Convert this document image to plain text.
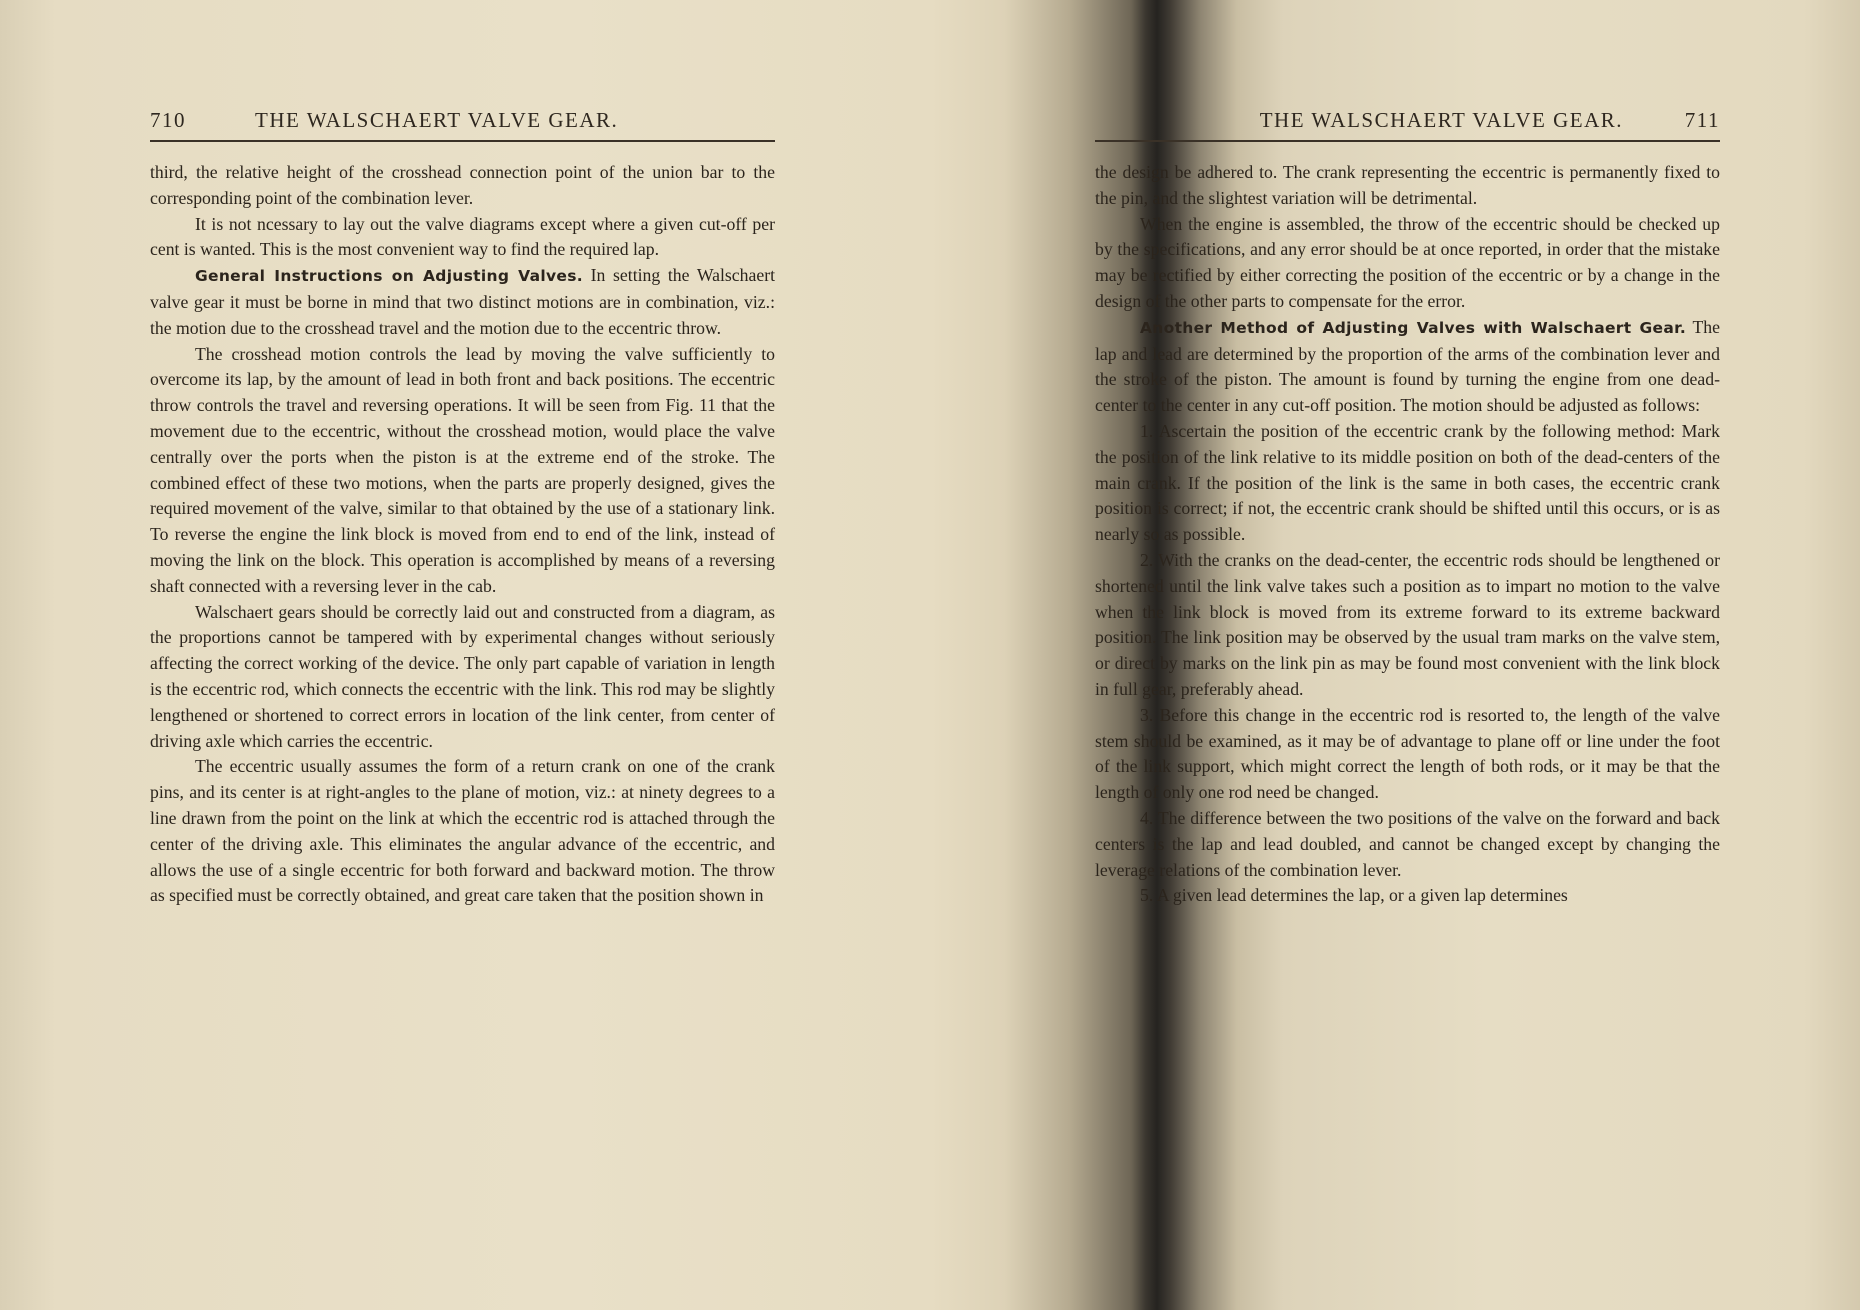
710	THE WALSCHAERT VALVE GEAR.

third, the relative height of the crosshead connection point of the union bar to the corresponding point of the combination lever.

It is not ncessary to lay out the valve diagrams except where a given cut-off per cent is wanted. This is the most convenient way to find the required lap.

General Instructions on Adjusting Valves. In setting the Walschaert valve gear it must be borne in mind that two distinct motions are in combination, viz.: the motion due to the crosshead travel and the motion due to the eccentric throw.

The crosshead motion controls the lead by moving the valve sufficiently to overcome its lap, by the amount of lead in both front and back positions. The eccentric throw controls the travel and reversing operations. It will be seen from Fig. 11 that the movement due to the eccentric, without the crosshead motion, would place the valve centrally over the ports when the piston is at the extreme end of the stroke. The combined effect of these two motions, when the parts are properly designed, gives the required movement of the valve, similar to that obtained by the use of a stationary link. To reverse the engine the link block is moved from end to end of the link, instead of moving the link on the block. This operation is accomplished by means of a reversing shaft connected with a reversing lever in the cab.

Walschaert gears should be correctly laid out and constructed from a diagram, as the proportions cannot be tampered with by experimental changes without seriously affecting the correct working of the device. The only part capable of variation in length is the eccentric rod, which connects the eccentric with the link. This rod may be slightly lengthened or shortened to correct errors in location of the link center, from center of driving axle which carries the eccentric.

The eccentric usually assumes the form of a return crank on one of the crank pins, and its center is at right-angles to the plane of motion, viz.: at ninety degrees to a line drawn from the point on the link at which the eccentric rod is attached through the center of the driving axle. This eliminates the angular advance of the eccentric, and allows the use of a single eccentric for both forward and backward motion. The throw as specified must be correctly obtained, and great care taken that the position shown in

THE WALSCHAERT VALVE GEAR.	711

the design be adhered to. The crank representing the eccentric is permanently fixed to the pin, and the slightest variation will be detrimental.

When the engine is assembled, the throw of the eccentric should be checked up by the specifications, and any error should be at once reported, in order that the mistake may be rectified by either correcting the position of the eccentric or by a change in the design of the other parts to compensate for the error.

Another Method of Adjusting Valves with Walschaert Gear. The lap and lead are determined by the proportion of the arms of the combination lever and the stroke of the piston. The amount is found by turning the engine from one dead-center to the center in any cut-off position. The motion should be adjusted as follows:

1. Ascertain the position of the eccentric crank by the following method: Mark the position of the link relative to its middle position on both of the dead-centers of the main crank. If the position of the link is the same in both cases, the eccentric crank position is correct; if not, the eccentric crank should be shifted until this occurs, or is as nearly so as possible.

2. With the cranks on the dead-center, the eccentric rods should be lengthened or shortened until the link valve takes such a position as to impart no motion to the valve when the link block is moved from its extreme forward to its extreme backward position. The link position may be observed by the usual tram marks on the valve stem, or direct by marks on the link pin as may be found most convenient with the link block in full gear, preferably ahead.

3. Before this change in the eccentric rod is resorted to, the length of the valve stem should be examined, as it may be of advantage to plane off or line under the foot of the link support, which might correct the length of both rods, or it may be that the length of only one rod need be changed.

4. The difference between the two positions of the valve on the forward and back centers is the lap and lead doubled, and cannot be changed except by changing the leverage relations of the combination lever.

5. A given lead determines the lap, or a given lap determines
